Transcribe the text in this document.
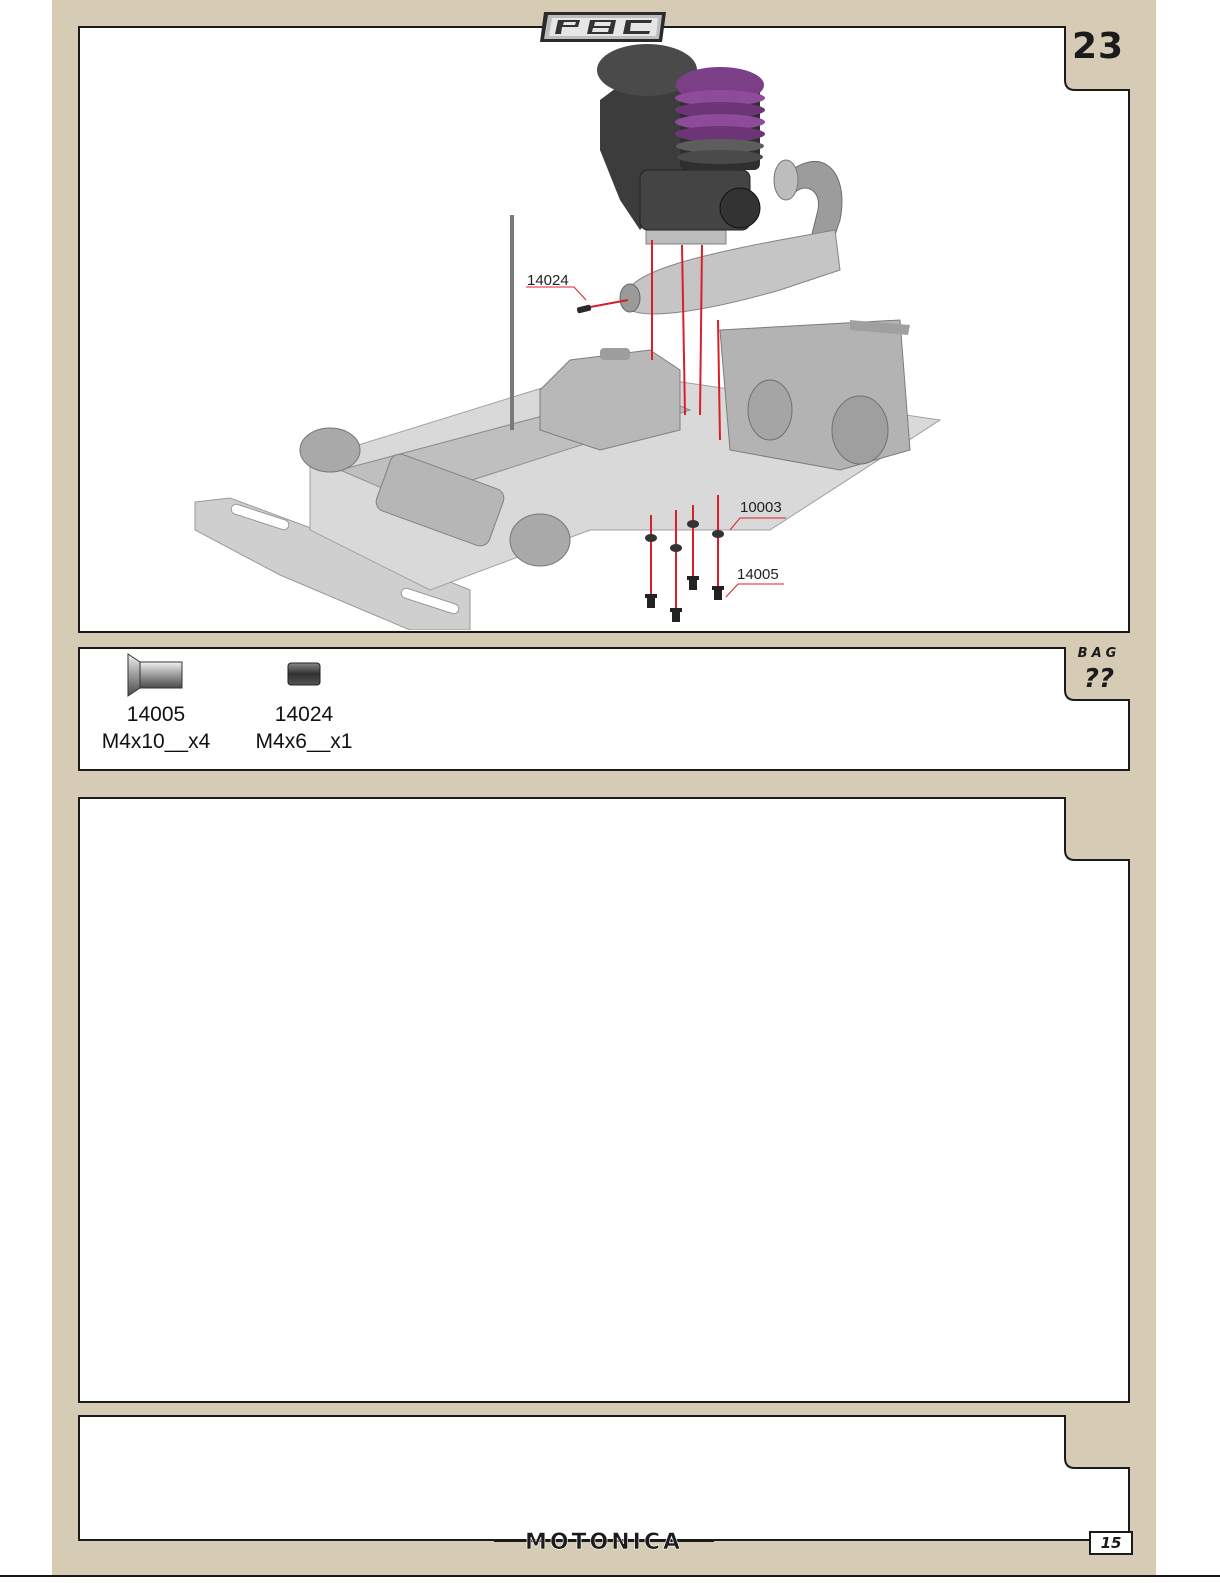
23
14024
10003
14005
BAG
??
14005
M4x10__x4
14024
M4x6__x1
MOTONICA	15
